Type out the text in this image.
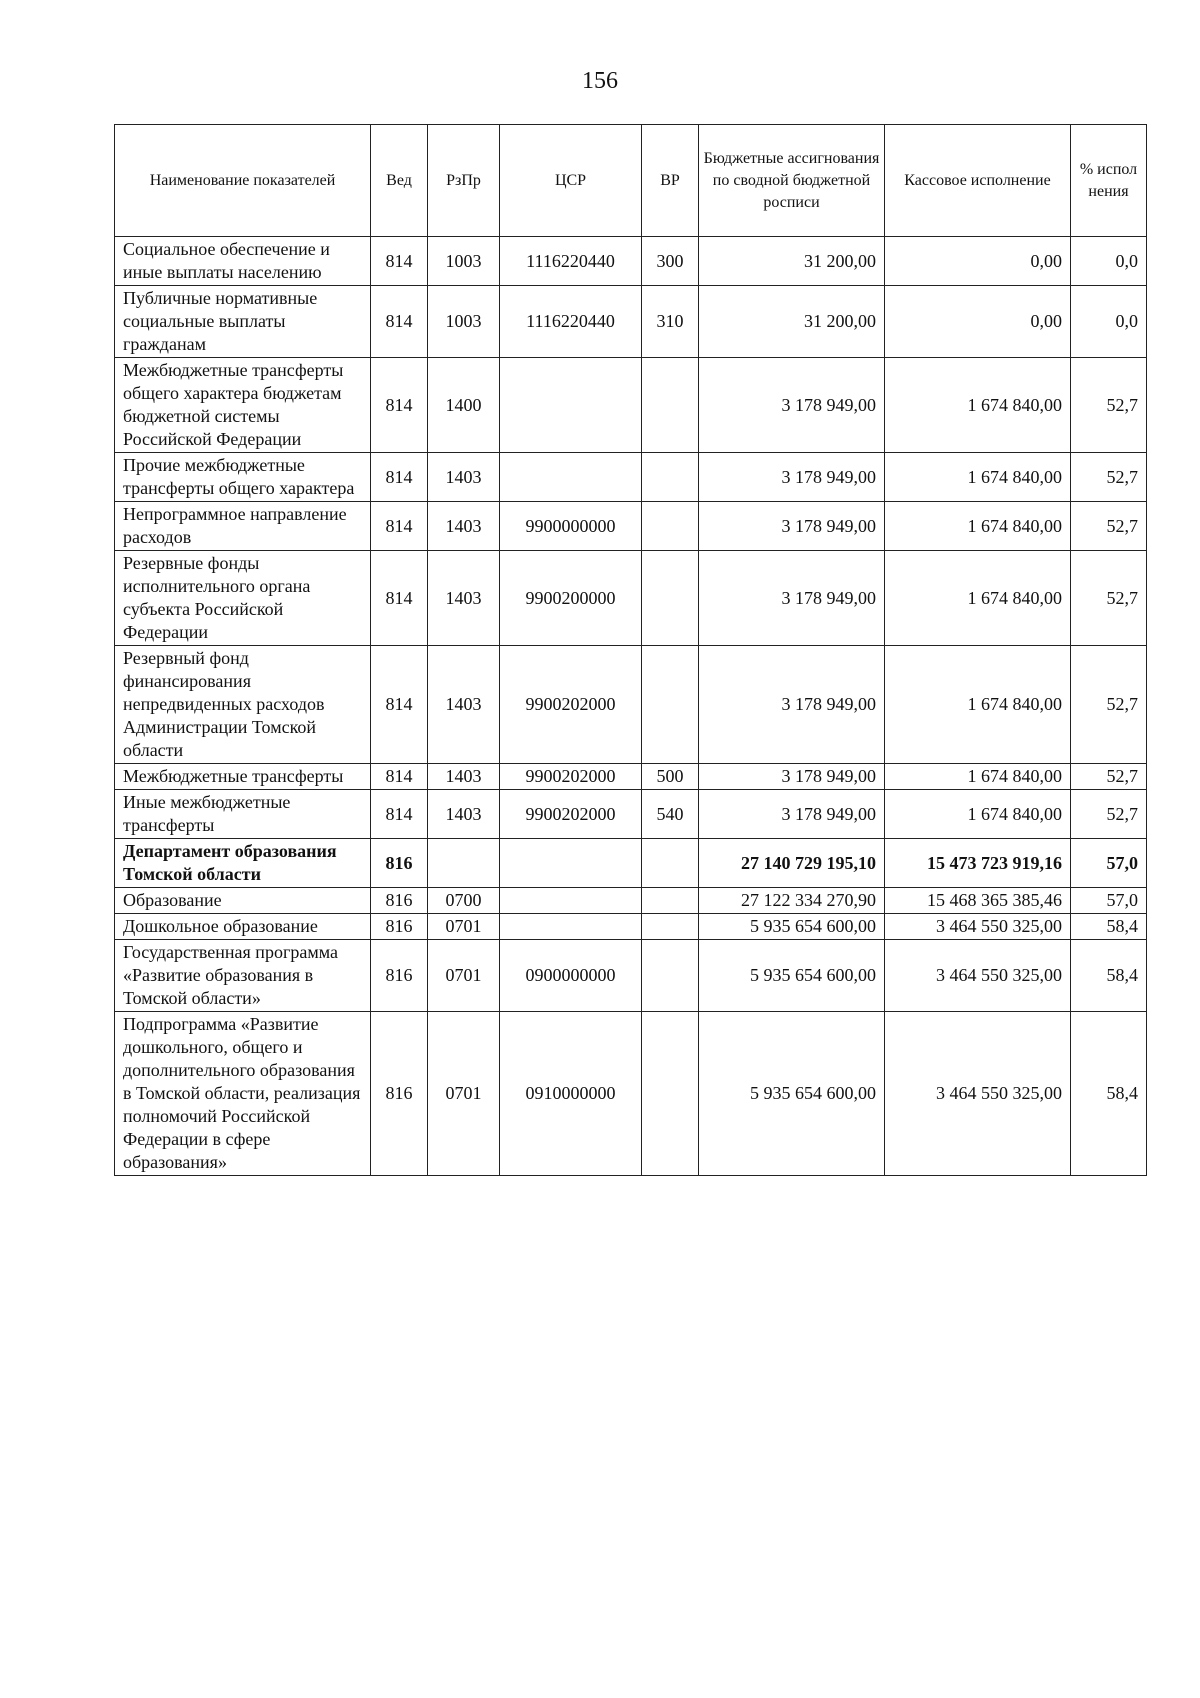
156
Наименование показателей	Вед	РзПр	ЦСР	ВР	Бюджетные ассигнования по сводной бюджетной росписи	Кассовое исполнение	% испол нения
Социальное обеспечение и иные выплаты населению	814	1003	1116220440	300	31 200,00	0,00	0,0
Публичные нормативные социальные выплаты гражданам	814	1003	1116220440	310	31 200,00	0,00	0,0
Межбюджетные трансферты общего характера бюджетам бюджетной системы Российской Федерации	814	1400			3 178 949,00	1 674 840,00	52,7
Прочие межбюджетные трансферты общего характера	814	1403			3 178 949,00	1 674 840,00	52,7
Непрограммное направление расходов	814	1403	9900000000		3 178 949,00	1 674 840,00	52,7
Резервные фонды исполнительного органа субъекта Российской Федерации	814	1403	9900200000		3 178 949,00	1 674 840,00	52,7
Резервный фонд финансирования непредвиденных расходов Администрации Томской области	814	1403	9900202000		3 178 949,00	1 674 840,00	52,7
Межбюджетные трансферты	814	1403	9900202000	500	3 178 949,00	1 674 840,00	52,7
Иные межбюджетные трансферты	814	1403	9900202000	540	3 178 949,00	1 674 840,00	52,7
Департамент образования Томской области	816				27 140 729 195,10	15 473 723 919,16	57,0
Образование	816	0700			27 122 334 270,90	15 468 365 385,46	57,0
Дошкольное образование	816	0701			5 935 654 600,00	3 464 550 325,00	58,4
Государственная программа «Развитие образования в Томской области»	816	0701	0900000000		5 935 654 600,00	3 464 550 325,00	58,4
Подпрограмма «Развитие дошкольного, общего и дополнительного образования в Томской области, реализация полномочий Российской Федерации в сфере образования»	816	0701	0910000000		5 935 654 600,00	3 464 550 325,00	58,4
